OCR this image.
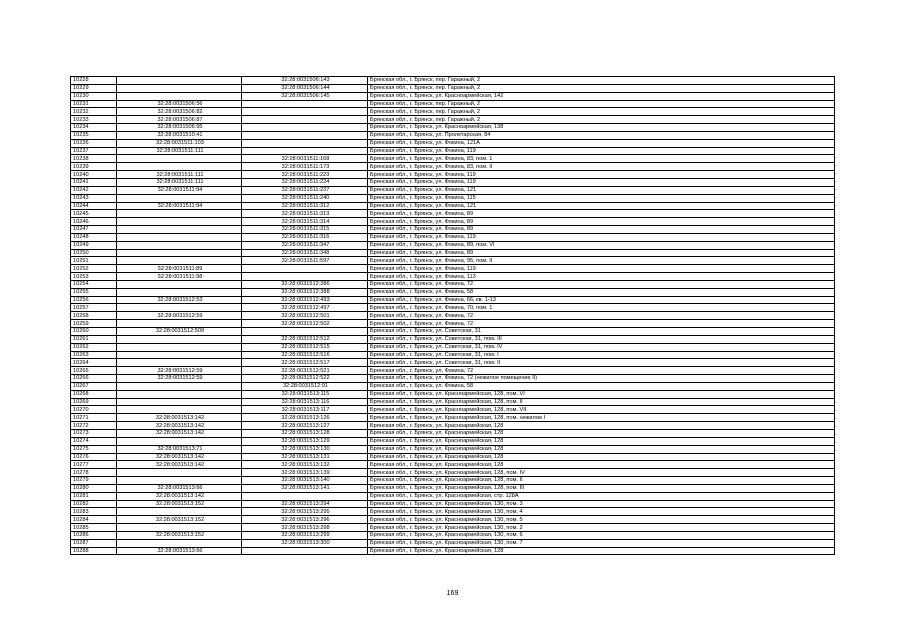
10228		32:28:0031506:143	Брянская обл., г. Брянск, пер. Гаражный, 2
10229		32:28:0031506:144	Брянская обл., г. Брянск, пер. Гаражный, 2
10230		32:28:0031506:145	Брянская обл., г. Брянск, ул. Красноармейская, 142
10231	32:28:0031506:56		Брянская обл., г. Брянск, пер. Гаражный, 2
10232	32:28:0031506:82		Брянская обл., г. Брянск, пер. Гаражный, 2
10233	32:28:0031506:87		Брянская обл., г. Брянск, пер. Гаражный, 2
10234	32:28:0031506:95		Брянская обл., г. Брянск, ул. Красноармейская, 138
10235	32:28:0031510:41		Брянская обл., г. Брянск, ул. Пролетарская, 84
10236	32:28:0031511:103		Брянская обл., г. Брянск, ул. Фокина, 121А
10237	32:28:0031511:111		Брянская обл., г. Брянск, ул. Фокина, 119
10238		32:28:0031511:168	Брянская обл., г. Брянск, ул. Фокина, 83, пом. 1
10239		32:28:0031511:173	Брянская обл., г. Брянск, ул. Фокина, 83, пом. II
10240	32:28:0031511:111	32:28:0031511:223	Брянская обл., г. Брянск, ул. Фокина, 119
10241	32:28:0031511:111	32:28:0031511:224	Брянская обл., г. Брянск, ул. Фокина, 119
10242	32:28:0031511:94	32:28:0031511:237	Брянская обл., г. Брянск, ул. Фокина, 121
10243		32:28:0031511:240	Брянская обл., г. Брянск, ул. Фокина, 115
10244	32:28:0031511:94	32:28:0031511:312	Брянская обл., г. Брянск, ул. Фокина, 121
10245		32:28:0031511:313	Брянская обл., г. Брянск, ул. Фокина, 89
10246		32:28:0031511:314	Брянская обл., г. Брянск, ул. Фокина, 89
10247		32:28:0031511:315	Брянская обл., г. Брянск, ул. Фокина, 89
10248		32:28:0031511:316	Брянская обл., г. Брянск, ул. Фокина, 119
10249		32:28:0031511:347	Брянская обл., г. Брянск, ул. Фокина, 89, пом. VI
10250		32:28:0031511:348	Брянская обл., г. Брянск, ул. Фокина, 89
10251		32:28:0031511:597	Брянская обл., г. Брянск, ул. Фокина, 95, пом. II
10252	32:28:0031511:89		Брянская обл., г. Брянск, ул. Фокина, 119
10253	32:28:0031511:98		Брянская обл., г. Брянск, ул. Фокина, 113
10254		32:28:0031512:386	Брянская обл., г. Брянск, ул. Фокина, 72
10255		32:28:0031512:388	Брянская обл., г. Брянск, ул. Фокина, 58
10256	32:28:0031512:53	32:28:0031512:493	Брянская обл., г. Брянск, ул. Фокина, 66, кв. 1-13
10257		32:28:0031512:497	Брянская обл., г. Брянск, ул. Фокина, 70, пом. 1
10258	32:28:0031512:59	32:28:0031512:501	Брянская обл., г. Брянск, ул. Фокина, 72
10259		32:28:0031512:502	Брянская обл., г. Брянск, ул. Фокина, 72
10260	32:28:0031512:509		Брянская обл., г. Брянск, ул. Советская, 31
10261		32:28:0031512:512	Брянская обл., г. Брянск, ул. Советская, 31, пом. III
10262		32:28:0031512:515	Брянская обл., г. Брянск, ул. Советская, 31, пом. IV
10263		32:28:0031512:516	Брянская обл., г. Брянск, ул. Советская, 31, пом. I
10264		32:28:0031512:517	Брянская обл., г. Брянск, ул. Советская, 31, пом. II
10265	32:28:0031512:59	32:28:0031512:521	Брянская обл., г. Брянск, ул. Фокина, 72
10266	32:28:0031512:59	32:28:0031512:522	Брянская обл., г. Брянск, ул. Фокина, 72 (нежилое помещение II)
10267		32:28:0031512:91	Брянская обл., г. Брянск, ул. Фокина, 58
10268		32:28:0031513:115	Брянская обл., г. Брянск, ул. Красноармейская, 128, пом. VI
10269		32:28:0031513:116	Брянская обл., г. Брянск, ул. Красноармейская, 128, пом. II
10270		32:28:0031513:117	Брянская обл., г. Брянск, ул. Красноармейская, 128, пом. VII
10271	32:28:0031513:142	32:28:0031513:126	Брянская обл., г. Брянск, ул. Красноармейская, 128, пом. нежилое I
10272	32:28:0031513:142	32:28:0031513:127	Брянская обл., г. Брянск, ул. Красноармейская, 128
10273	32:28:0031513:142	32:28:0031513:128	Брянская обл., г. Брянск, ул. Красноармейская, 128
10274		32:28:0031513:129	Брянская обл., г. Брянск, ул. Красноармейская, 128
10275	32:28:0031513:71	32:28:0031513:130	Брянская обл., г. Брянск, ул. Красноармейская, 128
10276	32:28:0031513:142	32:28:0031513:131	Брянская обл., г. Брянск, ул. Красноармейская, 128
10277	32:28:0031513:142	32:28:0031513:132	Брянская обл., г. Брянск, ул. Красноармейская, 128
10278		32:28:0031513:139	Брянская обл., г. Брянск, ул. Красноармейская, 128, пом. IV
10279		32:28:0031513:140	Брянская обл., г. Брянск, ул. Красноармейская, 128, пом. II
10280	32:28:0031513:66	32:28:0031513:141	Брянская обл., г. Брянск, ул. Красноармейская, 128, пом. III
10281	32:28:0031513:142		Брянская обл., г. Брянск, ул. Красноармейская, стр. 128А
10282	32:28:0031513:152	32:28:0031513:294	Брянская обл., г. Брянск, ул. Красноармейская, 130, пом. 3
10283		32:28:0031513:295	Брянская обл., г. Брянск, ул. Красноармейская, 130, пом. 4
10284	32:28:0031513:152	32:28:0031513:296	Брянская обл., г. Брянск, ул. Красноармейская, 130, пом. 5
10285		32:28:0031513:298	Брянская обл., г. Брянск, ул. Красноармейская, 130, пом. 2
10286	32:28:0031513:152	32:28:0031513:299	Брянская обл., г. Брянск, ул. Красноармейская, 130, пом. 6
10287		32:28:0031513:300	Брянская обл., г. Брянск, ул. Красноармейская, 130, пом. 7
10288	32:28:0031513:66		Брянская обл., г. Брянск, ул. Красноармейская, 128
169
